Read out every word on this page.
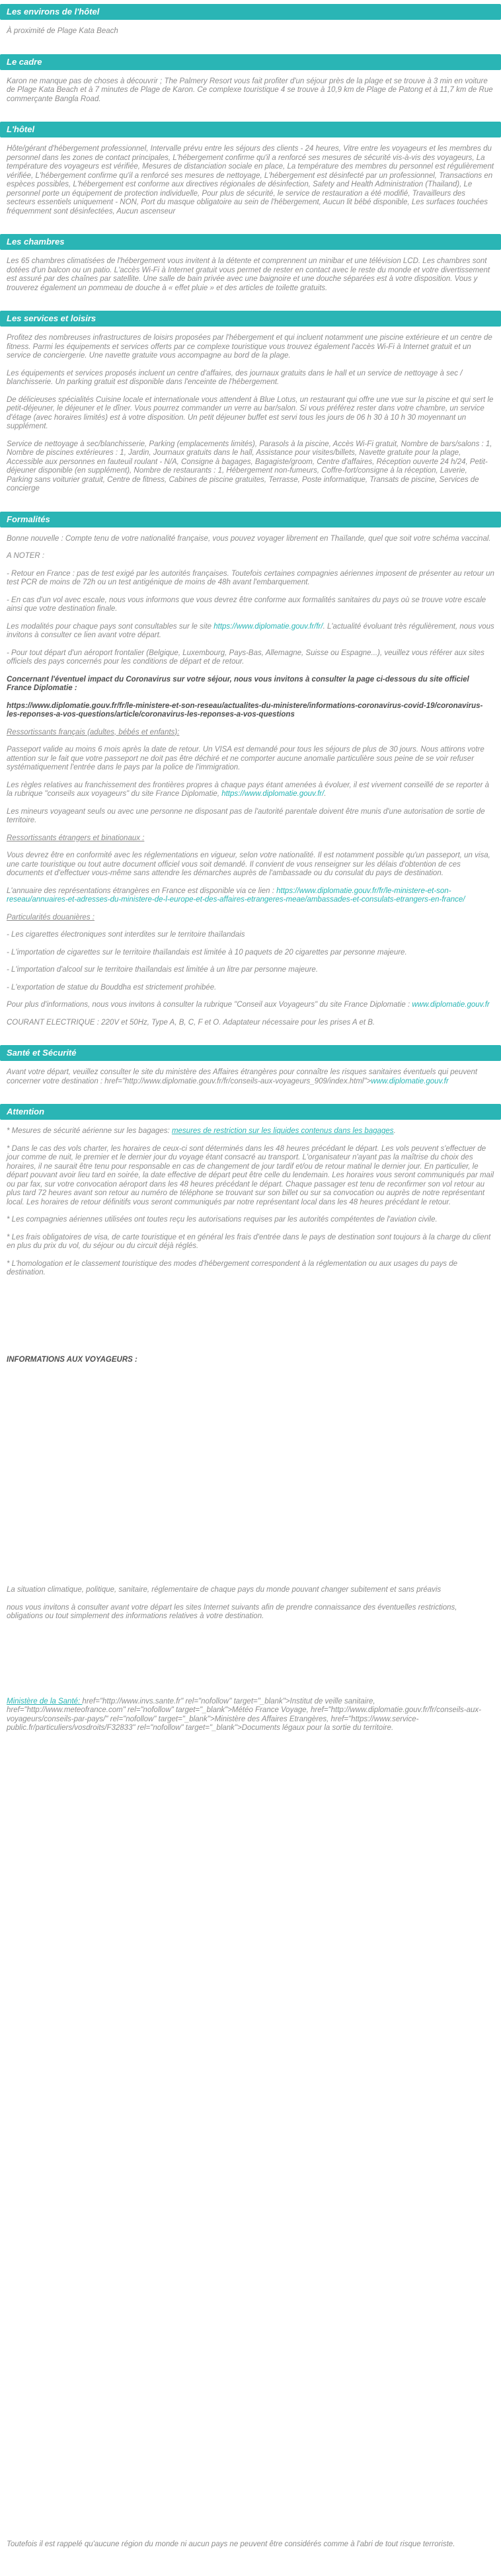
Les environs de l'hôtel

À proximité de Plage Kata Beach

Le cadre

Karon ne manque pas de choses à découvrir ; The Palmery Resort vous fait profiter d'un séjour près de la plage et se trouve à 3 min en voiture de Plage Kata Beach et à 7 minutes de Plage de Karon. Ce complexe touristique 4 se trouve à 10,9 km de Plage de Patong et à 11,7 km de Rue commerçante Bangla Road.

L'hôtel

Hôte/gérant d'hébergement professionnel, Intervalle prévu entre les séjours des clients - 24 heures, Vitre entre les voyageurs et les membres du personnel dans les zones de contact principales, L'hébergement confirme qu'il a renforcé ses mesures de sécurité vis-à-vis des voyageurs, La température des voyageurs est vérifiée, Mesures de distanciation sociale en place, La température des membres du personnel est régulièrement vérifiée, L'hébergement confirme qu'il a renforcé ses mesures de nettoyage, L'hébergement est désinfecté par un professionnel, Transactions en espèces possibles, L'hébergement est conforme aux directives régionales de désinfection, Safety and Health Administration (Thailand), Le personnel porte un équipement de protection individuelle, Pour plus de sécurité, le service de restauration a été modifié, Travailleurs des secteurs essentiels uniquement - NON, Port du masque obligatoire au sein de l'hébergement, Aucun lit bébé disponible, Les surfaces touchées fréquemment sont désinfectées, Aucun ascenseur

Les chambres

Les 65 chambres climatisées de l'hébergement vous invitent à la détente et comprennent un minibar et une télévision LCD. Les chambres sont dotées d'un balcon ou un patio. L'accès Wi-Fi à Internet gratuit vous permet de rester en contact avec le reste du monde et votre divertissement est assuré par des chaînes par satellite. Une salle de bain privée avec une baignoire et une douche séparées est à votre disposition. Vous y trouverez également un pommeau de douche à « effet pluie » et des articles de toilette gratuits.

Les services et loisirs

Profitez des nombreuses infrastructures de loisirs proposées par l'hébergement et qui incluent notamment une piscine extérieure et un centre de fitness. Parmi les équipements et services offerts par ce complexe touristique vous trouvez également l'accès Wi-Fi à Internet gratuit et un service de conciergerie. Une navette gratuite vous accompagne au bord de la plage.

Les équipements et services proposés incluent un centre d'affaires, des journaux gratuits dans le hall et un service de nettoyage à sec / blanchisserie. Un parking gratuit est disponible dans l'enceinte de l'hébergement.

De délicieuses spécialités Cuisine locale et internationale vous attendent à Blue Lotus, un restaurant qui offre une vue sur la piscine et qui sert le petit-déjeuner, le déjeuner et le dîner. Vous pourrez commander un verre au bar/salon. Si vous préférez rester dans votre chambre, un service d'étage (avec horaires limités) est à votre disposition. Un petit déjeuner buffet est servi tous les jours de 06 h 30 à 10 h 30 moyennant un supplément.

Service de nettoyage à sec/blanchisserie, Parking (emplacements limités), Parasols à la piscine, Accès Wi-Fi gratuit, Nombre de bars/salons : 1, Nombre de piscines extérieures : 1, Jardin, Journaux gratuits dans le hall, Assistance pour visites/billets, Navette gratuite pour la plage, Accessible aux personnes en fauteuil roulant - N/A, Consigne à bagages, Bagagiste/groom, Centre d'affaires, Réception ouverte 24 h/24, Petit-déjeuner disponible (en supplément), Nombre de restaurants : 1, Hébergement non-fumeurs, Coffre-fort/consigne à la réception, Laverie, Parking sans voiturier gratuit, Centre de fitness, Cabines de piscine gratuites, Terrasse, Poste informatique, Transats de piscine, Services de concierge

Formalités

Bonne nouvelle : Compte tenu de votre nationalité française, vous pouvez voyager librement en Thaïlande, quel que soit votre schéma vaccinal.

A NOTER :

- Retour en France : pas de test exigé par les autorités françaises. Toutefois certaines compagnies aériennes imposent de présenter au retour un test PCR de moins de 72h ou un test antigénique de moins de 48h avant l'embarquement.

- En cas d'un vol avec escale, nous vous informons que vous devrez être conforme aux formalités sanitaires du pays où se trouve votre escale ainsi que votre destination finale.

Les modalités pour chaque pays sont consultables sur le site https://www.diplomatie.gouv.fr/fr/. L'actualité évoluant très régulièrement, nous vous invitons à consulter ce lien avant votre départ.

- Pour tout départ d'un aéroport frontalier (Belgique, Luxembourg, Pays-Bas, Allemagne, Suisse ou Espagne...), veuillez vous référer aux sites officiels des pays concernés pour les conditions de départ et de retour.

Concernant l'éventuel impact du Coronavirus sur votre séjour, nous vous invitons à consulter la page ci-dessous du site officiel France Diplomatie :

https://www.diplomatie.gouv.fr/fr/le-ministere-et-son-reseau/actualites-du-ministere/informations-coronavirus-covid-19/coronavirus-les-reponses-a-vos-questions/article/coronavirus-les-reponses-a-vos-questions

Ressortissants français (adultes, bébés et enfants):

Passeport valide au moins 6 mois après la date de retour. Un VISA est demandé pour tous les séjours de plus de 30 jours. Nous attirons votre attention sur le fait que votre passeport ne doit pas être déchiré et ne comporter aucune anomalie particulière sous peine de se voir refuser systématiquement l'entrée dans le pays par la police de l'immigration.

Les règles relatives au franchissement des frontières propres à chaque pays étant amenées à évoluer, il est vivement conseillé de se reporter à la rubrique "conseils aux voyageurs" du site France Diplomatie, https://www.diplomatie.gouv.fr/.

Les mineurs voyageant seuls ou avec une personne ne disposant pas de l'autorité parentale doivent être munis d'une autorisation de sortie de territoire.

Ressortissants étrangers et binationaux :

Vous devrez être en conformité avec les réglementations en vigueur, selon votre nationalité. Il est notamment possible qu'un passeport, un visa, une carte touristique ou tout autre document officiel vous soit demandé. Il convient de vous renseigner sur les délais d'obtention de ces documents et d'effectuer vous-même sans attendre les démarches auprès de l'ambassade ou du consulat du pays de destination.

L'annuaire des représentations étrangères en France est disponible via ce lien : https://www.diplomatie.gouv.fr/fr/le-ministere-et-son-reseau/annuaires-et-adresses-du-ministere-de-l-europe-et-des-affaires-etrangeres-meae/ambassades-et-consulats-etrangers-en-france/

Particularités douanières :

- Les cigarettes électroniques sont interdites sur le territoire thaïlandais

- L'importation de cigarettes sur le territoire thaïlandais est limitée à 10 paquets de 20 cigarettes par personne majeure.

- L'importation d'alcool sur le territoire thaïlandais est limitée à un litre par personne majeure.

- L'exportation de statue du Bouddha est strictement prohibée.

Pour plus d'informations, nous vous invitons à consulter la rubrique "Conseil aux Voyageurs" du site France Diplomatie : www.diplomatie.gouv.fr

COURANT ELECTRIQUE : 220V et 50Hz, Type A, B, C, F et O. Adaptateur nécessaire pour les prises A et B.

Santé et Sécurité

Avant votre départ, veuillez consulter le site du ministère des Affaires étrangères pour connaître les risques sanitaires éventuels qui peuvent concerner votre destination : href="http://www.diplomatie.gouv.fr/fr/conseils-aux-voyageurs_909/index.html">www.diplomatie.gouv.fr

Attention

* Mesures de sécurité aérienne sur les bagages: mesures de restriction sur les liquides contenus dans les bagages.

* Dans le cas des vols charter, les horaires de ceux-ci sont déterminés dans les 48 heures précédant le départ. Les vols peuvent s'effectuer de jour comme de nuit, le premier et le dernier jour du voyage étant consacré au transport. L'organisateur n'ayant pas la maîtrise du choix des horaires, il ne saurait être tenu pour responsable en cas de changement de jour tardif et/ou de retour matinal le dernier jour. En particulier, le départ pouvant avoir lieu tard en soirée, la date effective de départ peut être celle du lendemain. Les horaires vous seront communiqués par mail ou par fax, sur votre convocation aéroport dans les 48 heures précédant le départ. Chaque passager est tenu de reconfirmer son vol retour au plus tard 72 heures avant son retour au numéro de téléphone se trouvant sur son billet ou sur sa convocation ou auprès de notre représentant local. Les horaires de retour définitifs vous seront communiqués par notre représentant local dans les 48 heures précédant le retour.

* Les compagnies aériennes utilisées ont toutes reçu les autorisations requises par les autorités compétentes de l'aviation civile.

* Les frais obligatoires de visa, de carte touristique et en général les frais d'entrée dans le pays de destination sont toujours à la charge du client en plus du prix du vol, du séjour ou du circuit déjà réglés.

* L'homologation et le classement touristique des modes d'hébergement correspondent à la réglementation ou aux usages du pays de destination.

INFORMATIONS AUX VOYAGEURS :

La situation climatique, politique, sanitaire, réglementaire de chaque pays du monde pouvant changer subitement et sans préavis

nous vous invitons à consulter avant votre départ les sites Internet suivants afin de prendre connaissance des éventuelles restrictions, obligations ou tout simplement des informations relatives à votre destination.

Ministère de la Santé: href="http://www.invs.sante.fr" rel="nofollow" target="_blank">Institut de veille sanitaire, href="http://www.meteofrance.com" rel="nofollow" target="_blank">Météo France Voyage, href="http://www.diplomatie.gouv.fr/fr/conseils-aux-voyageurs/conseils-par-pays/" rel="nofollow" target="_blank">Ministère des Affaires Etrangères, href="https://www.service-public.fr/particuliers/vosdroits/F32833" rel="nofollow" target="_blank">Documents légaux pour la sortie du territoire.

Toutefois il est rappelé qu'aucune région du monde ni aucun pays ne peuvent être considérés comme à l'abri de tout risque terroriste.
